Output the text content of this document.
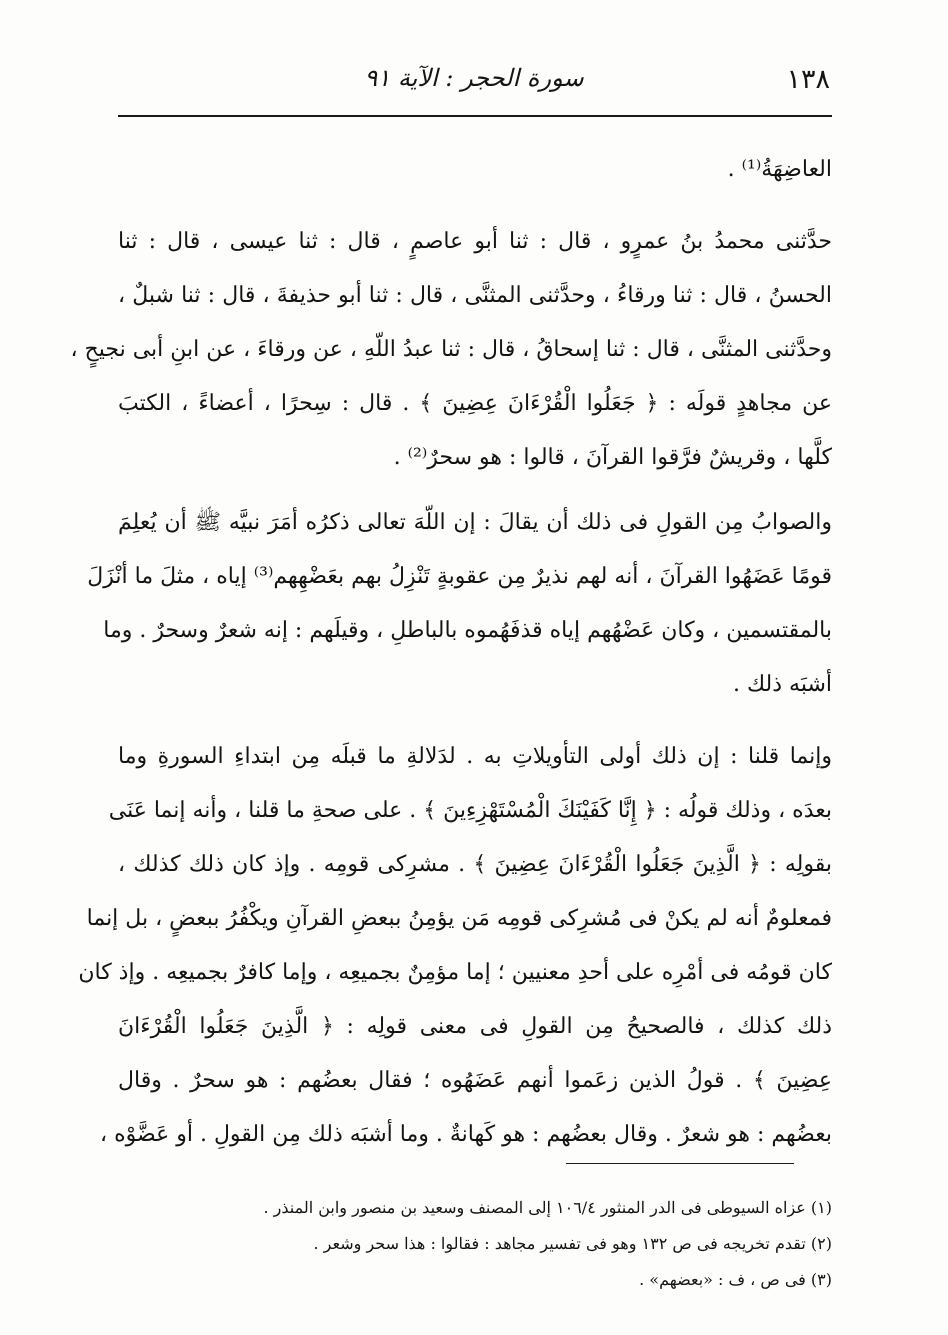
١٣٨
سورة الحجر : الآية ٩١
العاضِهَةُ⁽¹⁾ .
حدَّثنى محمدُ بنُ عمرٍو ، قال : ثنا أبو عاصمٍ ، قال : ثنا عيسى ، قال : ثنا
الحسنُ ، قال : ثنا ورقاءُ ، وحدَّثنى المثنَّى ، قال : ثنا أبو حذيفةَ ، قال : ثنا شبلٌ ،
وحدَّثنى المثنَّى ، قال : ثنا إسحاقُ ، قال : ثنا عبدُ اللّهِ ، عن ورقاءَ ، عن ابنِ أبى نجيحٍ ،
عن مجاهدٍ قولَه : ﴿ جَعَلُوا الْقُرْءَانَ عِضِينَ ﴾ . قال : سِحرًا ، أعضاءً ، الكتبَ
كلَّها ، وقريشٌ فرَّقوا القرآنَ ، قالوا : هو سحرٌ⁽²⁾ .
والصوابُ مِن القولِ فى ذلك أن يقالَ : إن اللّهَ تعالى ذكرُه أمَرَ نبيَّه ﷺ أن يُعلِمَ
قومًا عَضَهُوا القرآنَ ، أنه لهم نذيرٌ مِن عقوبةٍ تَنْزِلُ بهم بعَضْهِهم⁽³⁾ إياه ، مثلَ ما أنْزَلَ
بالمقتسمين ، وكان عَضْهُهم إياه قذفَهُموه بالباطلِ ، وقيلَهم : إنه شعرٌ وسحرٌ . وما
أشبَه ذلك .
وإنما قلنا : إن ذلك أولى التأويلاتِ به . لدَلالةِ ما قبلَه مِن ابتداءِ السورةِ وما
بعدَه ، وذلك قولُه : ﴿ إِنَّا كَفَيْنَكَ الْمُسْتَهْزِءِينَ ﴾ . على صحةِ ما قلنا ، وأنه إنما عَنَى
بقولِه : ﴿ الَّذِينَ جَعَلُوا الْقُرْءَانَ عِضِينَ ﴾ . مشرِكى قومِه . وإذ كان ذلك كذلك ،
فمعلومٌ أنه لم يكنْ فى مُشرِكى قومِه مَن يؤمِنُ ببعضِ القرآنِ ويكْفُرُ ببعضٍ ، بل إنما
كان قومُه فى أمْرِه على أحدِ معنيين ؛ إما مؤمِنٌ بجميعِه ، وإما كافرٌ بجميعِه . وإذ كان
ذلك كذلك ، فالصحيحُ مِن القولِ فى معنى قولِه : ﴿ الَّذِينَ جَعَلُوا الْقُرْءَانَ
عِضِينَ ﴾ . قولُ الذين زعَموا أنهم عَضَهُوه ؛ فقال بعضُهم : هو سحرٌ . وقال
بعضُهم : هو شعرٌ . وقال بعضُهم : هو كَهانةٌ . وما أشبَه ذلك مِن القولِ . أو عَضَّوْه ،
(١) عزاه السيوطى فى الدر المنثور ١٠٦/٤ إلى المصنف وسعيد بن منصور وابن المنذر .
(٢) تقدم تخريجه فى ص ١٣٢ وهو فى تفسير مجاهد : فقالوا : هذا سحر وشعر .
(٣) فى ص ، ف : «بعضهم» .
